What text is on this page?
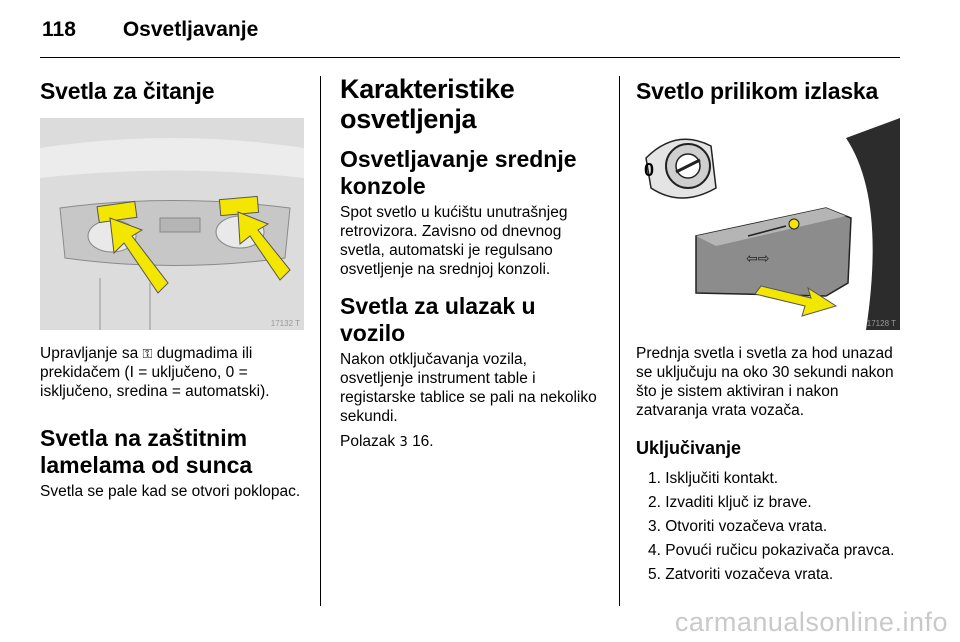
118 Osvetljavanje
Svetla za čitanje
17132 T

Upravljanje sa ⚿ dugmadima ili prekidačem (I = uključeno, 0 = isključeno, sredina = automatski).

Svetla na zaštitnim lamelama od sunca

Svetla se pale kad se otvori poklopac.

Karakteristike osvetljenja
Osvetljavanje srednje konzole

Spot svetlo u kućištu unutrašnjeg retrovizora. Zavisno od dnevnog svetla, automatski je regulsano osvetljenje na srednjoj konzoli.

Svetla za ulazak u vozilo

Nakon otključavanja vozila, osvetljenje instrument table i registarske tablice se pali na nekoliko sekundi.

Polazak 3 16.

Svetlo prilikom izlaska
0
⇦⇨
17128 T

Prednja svetla i svetla za hod unazad se uključuju na oko 30 sekundi nakon što je sistem aktiviran i nakon zatvaranja vrata vozača.

Uključivanje
1. Isključiti kontakt.
2. Izvaditi ključ iz brave.
3. Otvoriti vozačeva vrata.
4. Povući ručicu pokazivača pravca.
5. Zatvoriti vozačeva vrata.
carmanualsonline.info
